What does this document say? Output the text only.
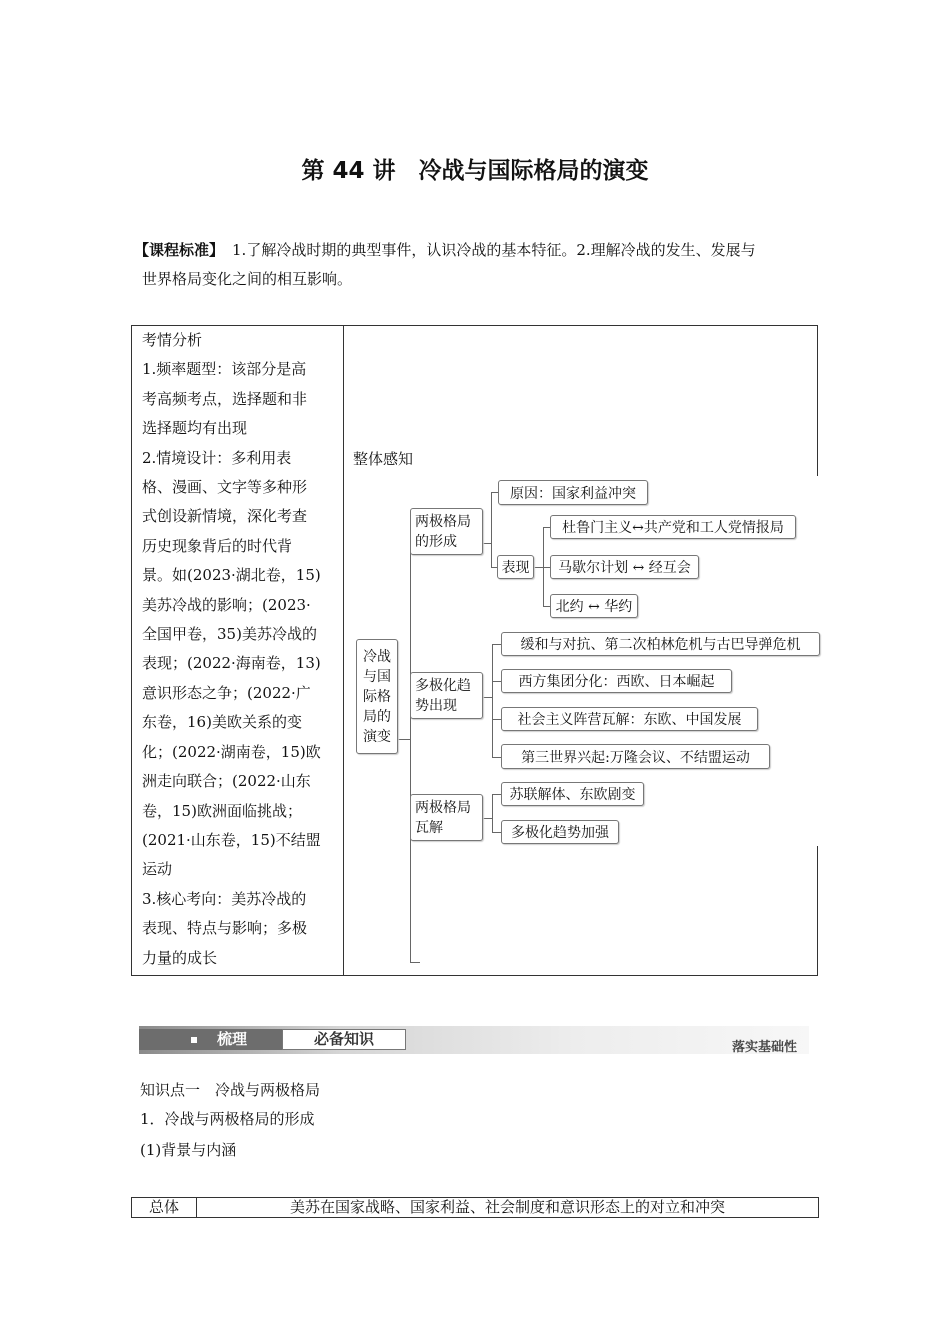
第 44 讲　冷战与国际格局的演变
【课程标准】 1.了解冷战时期的典型事件，认识冷战的基本特征。2.理解冷战的发生、发展与
世界格局变化之间的相互影响。
考情分析
1.频率题型：该部分是高
考高频考点，选择题和非
选择题均有出现
2.情境设计：多利用表
格、漫画、文字等多种形
式创设新情境，深化考查
历史现象背后的时代背
景。如(2023·湖北卷，15)
美苏冷战的影响；(2023·
全国甲卷，35)美苏冷战的
表现；(2022·海南卷，13)
意识形态之争；(2022·广
东卷，16)美欧关系的变
化；(2022·湖南卷，15)欧
洲走向联合；(2022·山东
卷，15)欧洲面临挑战；
(2021·山东卷，15)不结盟
运动
3.核心考向：美苏冷战的
表现、特点与影响；多极
力量的成长
整体感知
冷战
与国
际格
局的
演变
两极格局的形成
原因：国家利益冲突
表现
杜鲁门主义↔共产党和工人党情报局
马歇尔计划 ↔ 经互会
北约 ↔ 华约
多极化趋势出现
缓和与对抗、第二次柏林危机与古巴导弹危机
西方集团分化：西欧、日本崛起
社会主义阵营瓦解：东欧、中国发展
第三世界兴起:万隆会议、不结盟运动
两极格局瓦解
苏联解体、东欧剧变
多极化趋势加强
梳理	必备知识	落实基础性
知识点一　冷战与两极格局
1．冷战与两极格局的形成
(1)背景与内涵
总体	美苏在国家战略、国家利益、社会制度和意识形态上的对立和冲突
